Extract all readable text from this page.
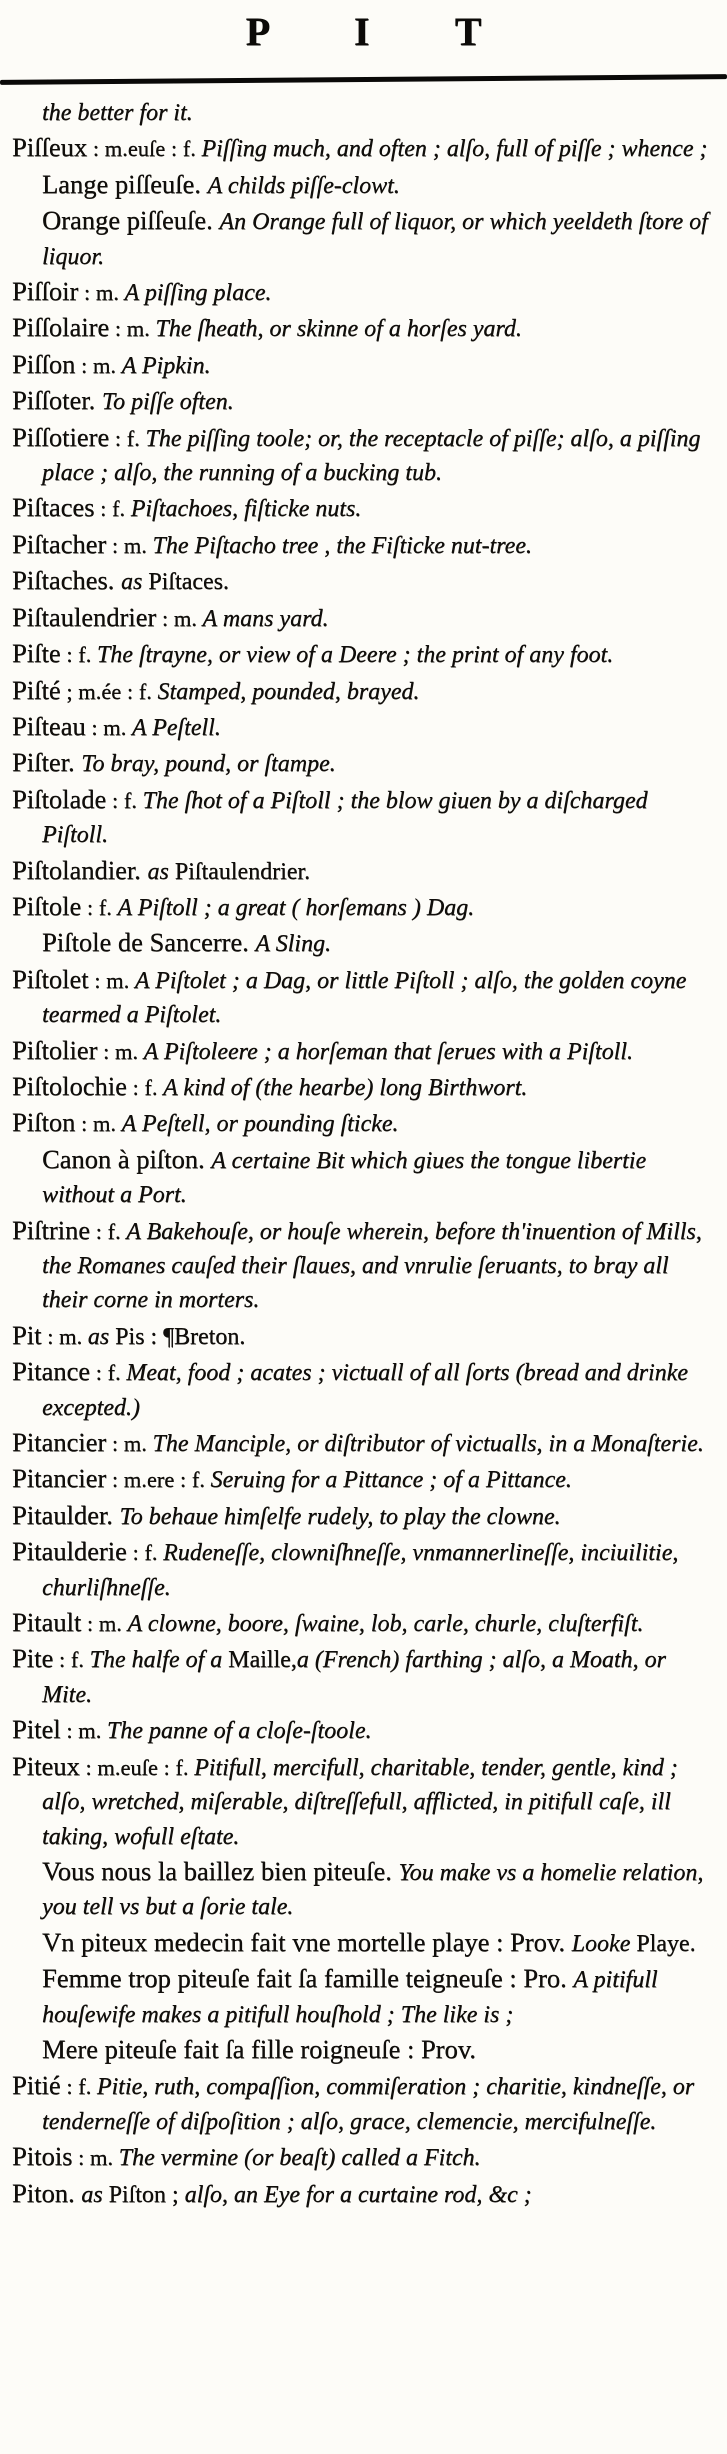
P I T

the better for it.

Piſſeux : m.euſe : f. Piſſing much, and often ; alſo, full of piſſe ; whence ;

Lange piſſeuſe. A childs piſſe-clowt.

Orange piſſeuſe. An Orange full of liquor, or which yeeldeth ſtore of liquor.

Piſſoir : m. A piſſing place.

Piſſolaire : m. The ſheath, or skinne of a horſes yard.

Piſſon : m. A Pipkin.

Piſſoter. To piſſe often.

Piſſotiere : f. The piſſing toole; or, the receptacle of piſſe; alſo, a piſſing place ; alſo, the running of a bucking tub.

Piſtaces : f. Piſtachoes, fiſticke nuts.

Piſtacher : m. The Piſtacho tree , the Fiſticke nut-tree.

Piſtaches. as Piſtaces.

Piſtaulendrier : m. A mans yard.

Piſte : f. The ſtrayne, or view of a Deere ; the print of any foot.

Piſté ; m.ée : f. Stamped, pounded, brayed.

Piſteau : m. A Peſtell.

Piſter. To bray, pound, or ſtampe.

Piſtolade : f. The ſhot of a Piſtoll ; the blow giuen by a diſcharged Piſtoll.

Piſtolandier. as Piſtaulendrier.

Piſtole : f. A Piſtoll ; a great ( horſemans ) Dag.

Piſtole de Sancerre. A Sling.

Piſtolet : m. A Piſtolet ; a Dag, or little Piſtoll ; alſo, the golden coyne tearmed a Piſtolet.

Piſtolier : m. A Piſtoleere ; a horſeman that ſerues with a Piſtoll.

Piſtolochie : f. A kind of (the hearbe) long Birthwort.

Piſton : m. A Peſtell, or pounding ſticke.

Canon à piſton. A certaine Bit which giues the tongue libertie without a Port.

Piſtrine : f. A Bakehouſe, or houſe wherein, before th'inuention of Mills, the Romanes cauſed their ſlaues, and vnrulie ſeruants, to bray all their corne in morters.

Pit : m. as Pis : ¶Breton.

Pitance : f. Meat, food ; acates ; victuall of all ſorts (bread and drinke excepted.)

Pitancier : m. The Manciple, or diſtributor of victualls, in a Monaſterie.

Pitancier : m.ere : f. Seruing for a Pittance ; of a Pittance.

Pitaulder. To behaue himſelfe rudely, to play the clowne.

Pitaulderie : f. Rudeneſſe, clowniſhneſſe, vnmannerlineſſe, inciuilitie, churliſhneſſe.

Pitault : m. A clowne, boore, ſwaine, lob, carle, churle, cluſterfiſt.

Pite : f. The halfe of a Maille,a (French) farthing ; alſo, a Moath, or Mite.

Pitel : m. The panne of a cloſe-ſtoole.

Piteux : m.euſe : f. Pitifull, mercifull, charitable, tender, gentle, kind ; alſo, wretched, miſerable, diſtreſſefull, afflicted, in pitifull caſe, ill taking, wofull eſtate.

Vous nous la baillez bien piteuſe. You make vs a homelie relation, you tell vs but a ſorie tale.

Vn piteux medecin fait vne mortelle playe : Prov. Looke Playe.

Femme trop piteuſe fait ſa famille teigneuſe : Pro. A pitifull houſewife makes a pitifull houſhold ; The like is ;

Mere piteuſe fait ſa fille roigneuſe : Prov.

Pitié : f. Pitie, ruth, compaſſion, commiſeration ; charitie, kindneſſe, or tenderneſſe of diſpoſition ; alſo, grace, clemencie, mercifulneſſe.

Pitois : m. The vermine (or beaſt) called a Fitch.

Piton. as Piſton ; alſo, an Eye for a curtaine rod, &c ;
